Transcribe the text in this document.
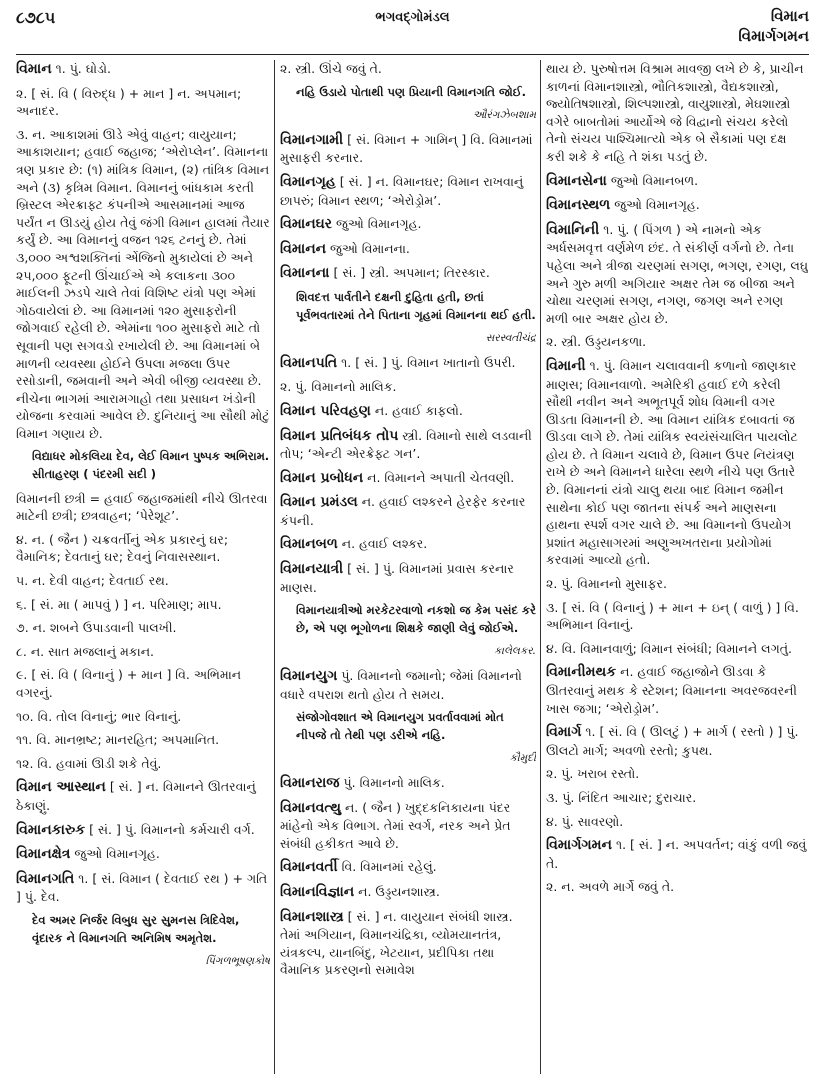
૮૭૮૫	ભગવદ્ગોમંડલ	વિમાન
વિમાર્ગગમન

વિમાન ૧. પું. ઘોડો.

૨. [ સં. વિ ( વિરુદ્ધ ) + માન ] ન. અપમાન; અનાદર.

૩. ન. આકાશમાં ઊડે એવું વાહન; વાયુયાન; આકાશયાન; હવાઈ જહાજ; ‘એરોપ્લેન’. વિમાનના ત્રણ પ્રકાર છે: (૧) માંત્રિક વિમાન, (૨) તાંત્રિક વિમાન અને (૩) કૃત્રિમ વિમાન. વિમાનનું બાંધકામ કરતી બ્રિસ્ટલ એરક્રાફ્ટ કંપનીએ આસમાનમાં આજ પર્યંત ન ઊડયું હોય તેવું જંગી વિમાન હાલમાં તૈયાર કર્યું છે. આ વિમાનનું વજન ૧૨૬ ટનનું છે. તેમાં ૩,૦૦૦ અશ્વશક્તિનાં એંજિનો મુકાયેલાં છે અને ૨૫,૦૦૦ ફૂટની ઊંચાઈએ એ કલાકના ૩૦૦ માઈલની ઝડપે ચાલે તેવાં વિશિષ્ટ યંત્રો પણ એમાં ગોઠવાયેલાં છે. આ વિમાનમાં ૧૨૦ મુસાફરોની જોગવાઈ રહેલી છે. એમાંના ૧૦૦ મુસાફરો માટે તો સૂવાની પણ સગવડો રખાયેલી છે. આ વિમાનમાં બે માળની વ્યવસ્થા હોઈને ઉપલા મજલા ઉપર રસોડાની, જમવાની અને એવી બીજી વ્યવસ્થા છે. નીચેના ભાગમાં આરામગાહો તથા પ્રસાધન ખંડોની યોજના કરવામાં આવેલ છે. દુનિયાનું આ સૌથી મોટું વિમાન ગણાય છે.

વિદ્યાધર મોકલિયા દેવ, લેઈ વિમાન પુષ્પક અભિરામ. સીતાહરણ ( પંદરમી સદી )

વિમાનની છત્રી = હવાઈ જહાજમાંથી નીચે ઊતરવા માટેની છત્રી; છત્રવાહન; ‘પેરેશૂટ’.

૪. ન. ( જૈન ) ચક્રવર્તીનું એક પ્રકારનું ઘર; વૈમાનિક; દેવતાનું ઘર; દેવનું નિવાસસ્થાન.

૫. ન. દેવી વાહન; દેવતાઈ રથ.

૬. [ સં. મા ( માપવું ) ] ન. પરિમાણ; માપ.

૭. ન. શબને ઉપાડવાની પાલખી.

૮. ન. સાત મજલાનું મકાન.

૯. [ સં. વિ ( વિનાનું ) + માન ] વિ. અભિમાન વગરનું.

૧૦. વિ. તોલ વિનાનું; ભાર વિનાનું.

૧૧. વિ. માનભ્રષ્ટ; માનરહિત; અપમાનિત.

૧૨. વિ. હવામાં ઊડી શકે તેવું.

વિમાન આસ્થાન [ સં. ] ન. વિમાનને ઊતરવાનું ઠેકાણું.

વિમાનકારુક [ સં. ] પું. વિમાનનો કર્મચારી વર્ગ.

વિમાનક્ષેત્ર જુઓ વિમાનગૃહ.

વિમાનગતિ ૧. [ સં. વિમાન ( દેવતાઈ રથ ) + ગતિ ] પું. દેવ.

દેવ અમર નિર્જર વિબુધ સુર સુમનસ ત્રિદિવેશ, વૃંદારક ને વિમાનગતિ અનિમિષ અમૃતેશ.

પિંગળભૂષણકોષ

૨. સ્ત્રી. ઊંચે જવું તે.

નહિ ઉડાયે પોતાથી પણ પ્રિયાની વિમાનગતિ જોઈ.

ઔરંગઝેબશામ

વિમાનગામી [ સં. વિમાન + ગામિન્ ] વિ. વિમાનમાં મુસાફરી કરનાર.

વિમાનગૃહ [ સં. ] ન. વિમાનઘર; વિમાન રાખવાનું છાપરું; વિમાન સ્થળ; ‘એરોડ્રોમ’.

વિમાનઘર જુઓ વિમાનગૃહ.

વિમાનન જુઓ વિમાનના.

વિમાનના [ સં. ] સ્ત્રી. અપમાન; તિરસ્કાર.

શિવદત્ત પાર્વતીને દક્ષની દુહિતા હતી, છતાં પૂર્વભવતારમાં તેને પિતાના ગૃહમાં વિમાનના થઈ હતી.

સરસ્વતીચંદ્ર

વિમાનપતિ ૧. [ સં. ] પું. વિમાન ખાતાનો ઉપરી.

૨. પું. વિમાનનો માલિક.

વિમાન પરિવહણ ન. હવાઈ કાફલો.

વિમાન પ્રતિબંધક તોપ સ્ત્રી. વિમાનો સાથે લડવાની તોપ; ‘એન્ટી એરક્રેફ્ટ ગન’.

વિમાન પ્રબોધન ન. વિમાનને અપાતી ચેતવણી.

વિમાન પ્રમંડલ ન. હવાઈ લશ્કરને હેરફેર કરનાર કંપની.

વિમાનબળ ન. હવાઈ લશ્કર.

વિમાનયાત્રી [ સં. ] પું. વિમાનમાં પ્રવાસ કરનાર માણસ.

વિમાનયાત્રીઓ મરકેટરવાળો નકશો જ કેમ પસંદ કરે છે, એ પણ ભૂગોળના શિક્ષકે જાણી લેવું જોઈએ.

કાલેલકર.

વિમાનયુગ પું. વિમાનનો જમાનો; જેમાં વિમાનનો વધારે વપરાશ થતો હોય તે સમય.

સંજોગોવશાત એ વિમાનયુગ પ્રવર્તાવવામાં મોત નીપજે તો તેથી પણ ડરીએ નહિ.

કૌમુદી

વિમાનરાજ પું. વિમાનનો માલિક.

વિમાનવત્થુ ન. ( જૈન ) ખુદ્દકનિકાયના પંદર માંહેનો એક વિભાગ. તેમાં સ્વર્ગ, નરક અને પ્રેત સંબંધી હકીકત આવે છે.

વિમાનવર્તી વિ. વિમાનમાં રહેલું.

વિમાનવિજ્ઞાન ન. ઉડ્ડયનશાસ્ત્ર.

વિમાનશાસ્ત્ર [ સં. ] ન. વાયુયાન સંબંધી શાસ્ત્ર. તેમાં અગિયાન, વિમાનચંદ્રિકા, વ્યોમયાનતંત્ર, યંત્રકલ્પ, યાનબિંદુ, ખેટયાન, પ્રદીપિકા તથા વૈમાનિક પ્રકરણનો સમાવેશ

થાય છે. પુરુષોત્તમ વિશ્રામ માવજી લખે છે કે, પ્રાચીન કાળનાં વિમાનશાસ્ત્રો, ભૌતિકશાસ્ત્રો, વૈદ્યકશાસ્ત્રો, જ્યોતિષશાસ્ત્રો, શિલ્પશાસ્ત્રો, વાયુશાસ્ત્રો, મેઘશાસ્ત્રો વગેરે બાબતોમાં આર્યોએ જે વિદ્વાનો સંચય કરેલો તેનો સંચય પાશ્ચિમાત્યો એક બે સૈકામાં પણ દક્ષ કરી શકે કે નહિ તે શંકા પડતું છે.

વિમાનસેના જુઓ વિમાનબળ.

વિમાનસ્થળ જુઓ વિમાનગૃહ.

વિમાનિની ૧. પું. ( પિંગળ ) એ નામનો એક અર્ધસમવૃત્ત વર્ણમેળ છંદ. તે સંકીર્ણ વર્ગનો છે. તેના પહેલા અને ત્રીજા ચરણમાં સગણ, ભગણ, રગણ, લઘુ અને ગુરુ મળી અગિયાર અક્ષર તેમ જ બીજા અને ચોથા ચરણમાં સગણ, નગણ, જગણ અને રગણ મળી બાર અક્ષર હોય છે.

૨. સ્ત્રી. ઉડ્ડયનકળા.

વિમાની ૧. પું. વિમાન ચલાવવાની કળાનો જાણકાર માણસ; વિમાનવાળો. અમેરિકી હવાઈ દળે કરેલી સૌથી નવીન અને અભૂતપૂર્વ શોધ વિમાની વગર ઊડતા વિમાનની છે. આ વિમાન યાંત્રિક દબાવતાં જ ઊડવા લાગે છે. તેમાં યાંત્રિક સ્વયંસંચાલિત પાયલોટ હોય છે. તે વિમાન ચલાવે છે, વિમાન ઉપર નિયંત્રણ રાખે છે અને વિમાનને ધારેલા સ્થળે નીચે પણ ઉતારે છે. વિમાનનાં યંત્રો ચાલુ થયા બાદ વિમાન જમીન સાથેના કોઈ પણ જાતના સંપર્ક અને માણસના હાથના સ્પર્શ વગર ચાલે છે. આ વિમાનનો ઉપયોગ પ્રશાંત મહાસાગરમાં અણુઅખતરાના પ્રયોગોમાં કરવામાં આવ્યો હતો.

૨. પું. વિમાનનો મુસાફર.

૩. [ સં. વિ ( વિનાનું ) + માન + ઇન્ ( વાળું ) ] વિ. અભિમાન વિનાનું.

૪. વિ. વિમાનવાળું; વિમાન સંબંધી; વિમાનને લગતું.

વિમાનીમથક ન. હવાઈ જહાજોને ઊડવા કે ઊતરવાનું મથક કે સ્ટેશન; વિમાનના અવરજવરની ખાસ જગા; ‘એરોડ્રોમ’.

વિમાર્ગ ૧. [ સં. વિ ( ઊલટું ) + માર્ગ ( રસ્તો ) ] પું. ઊલટો માર્ગ; અવળો રસ્તો; કુપથ.

૨. પું. ખરાબ રસ્તો.

૩. પું. નિંદિત આચાર; દુરાચાર.

૪. પું. સાવરણો.

વિમાર્ગગમન ૧. [ સં. ] ન. અપવર્તન; વાંકું વળી જવું તે.

૨. ન. અવળે માર્ગે જવું તે.
